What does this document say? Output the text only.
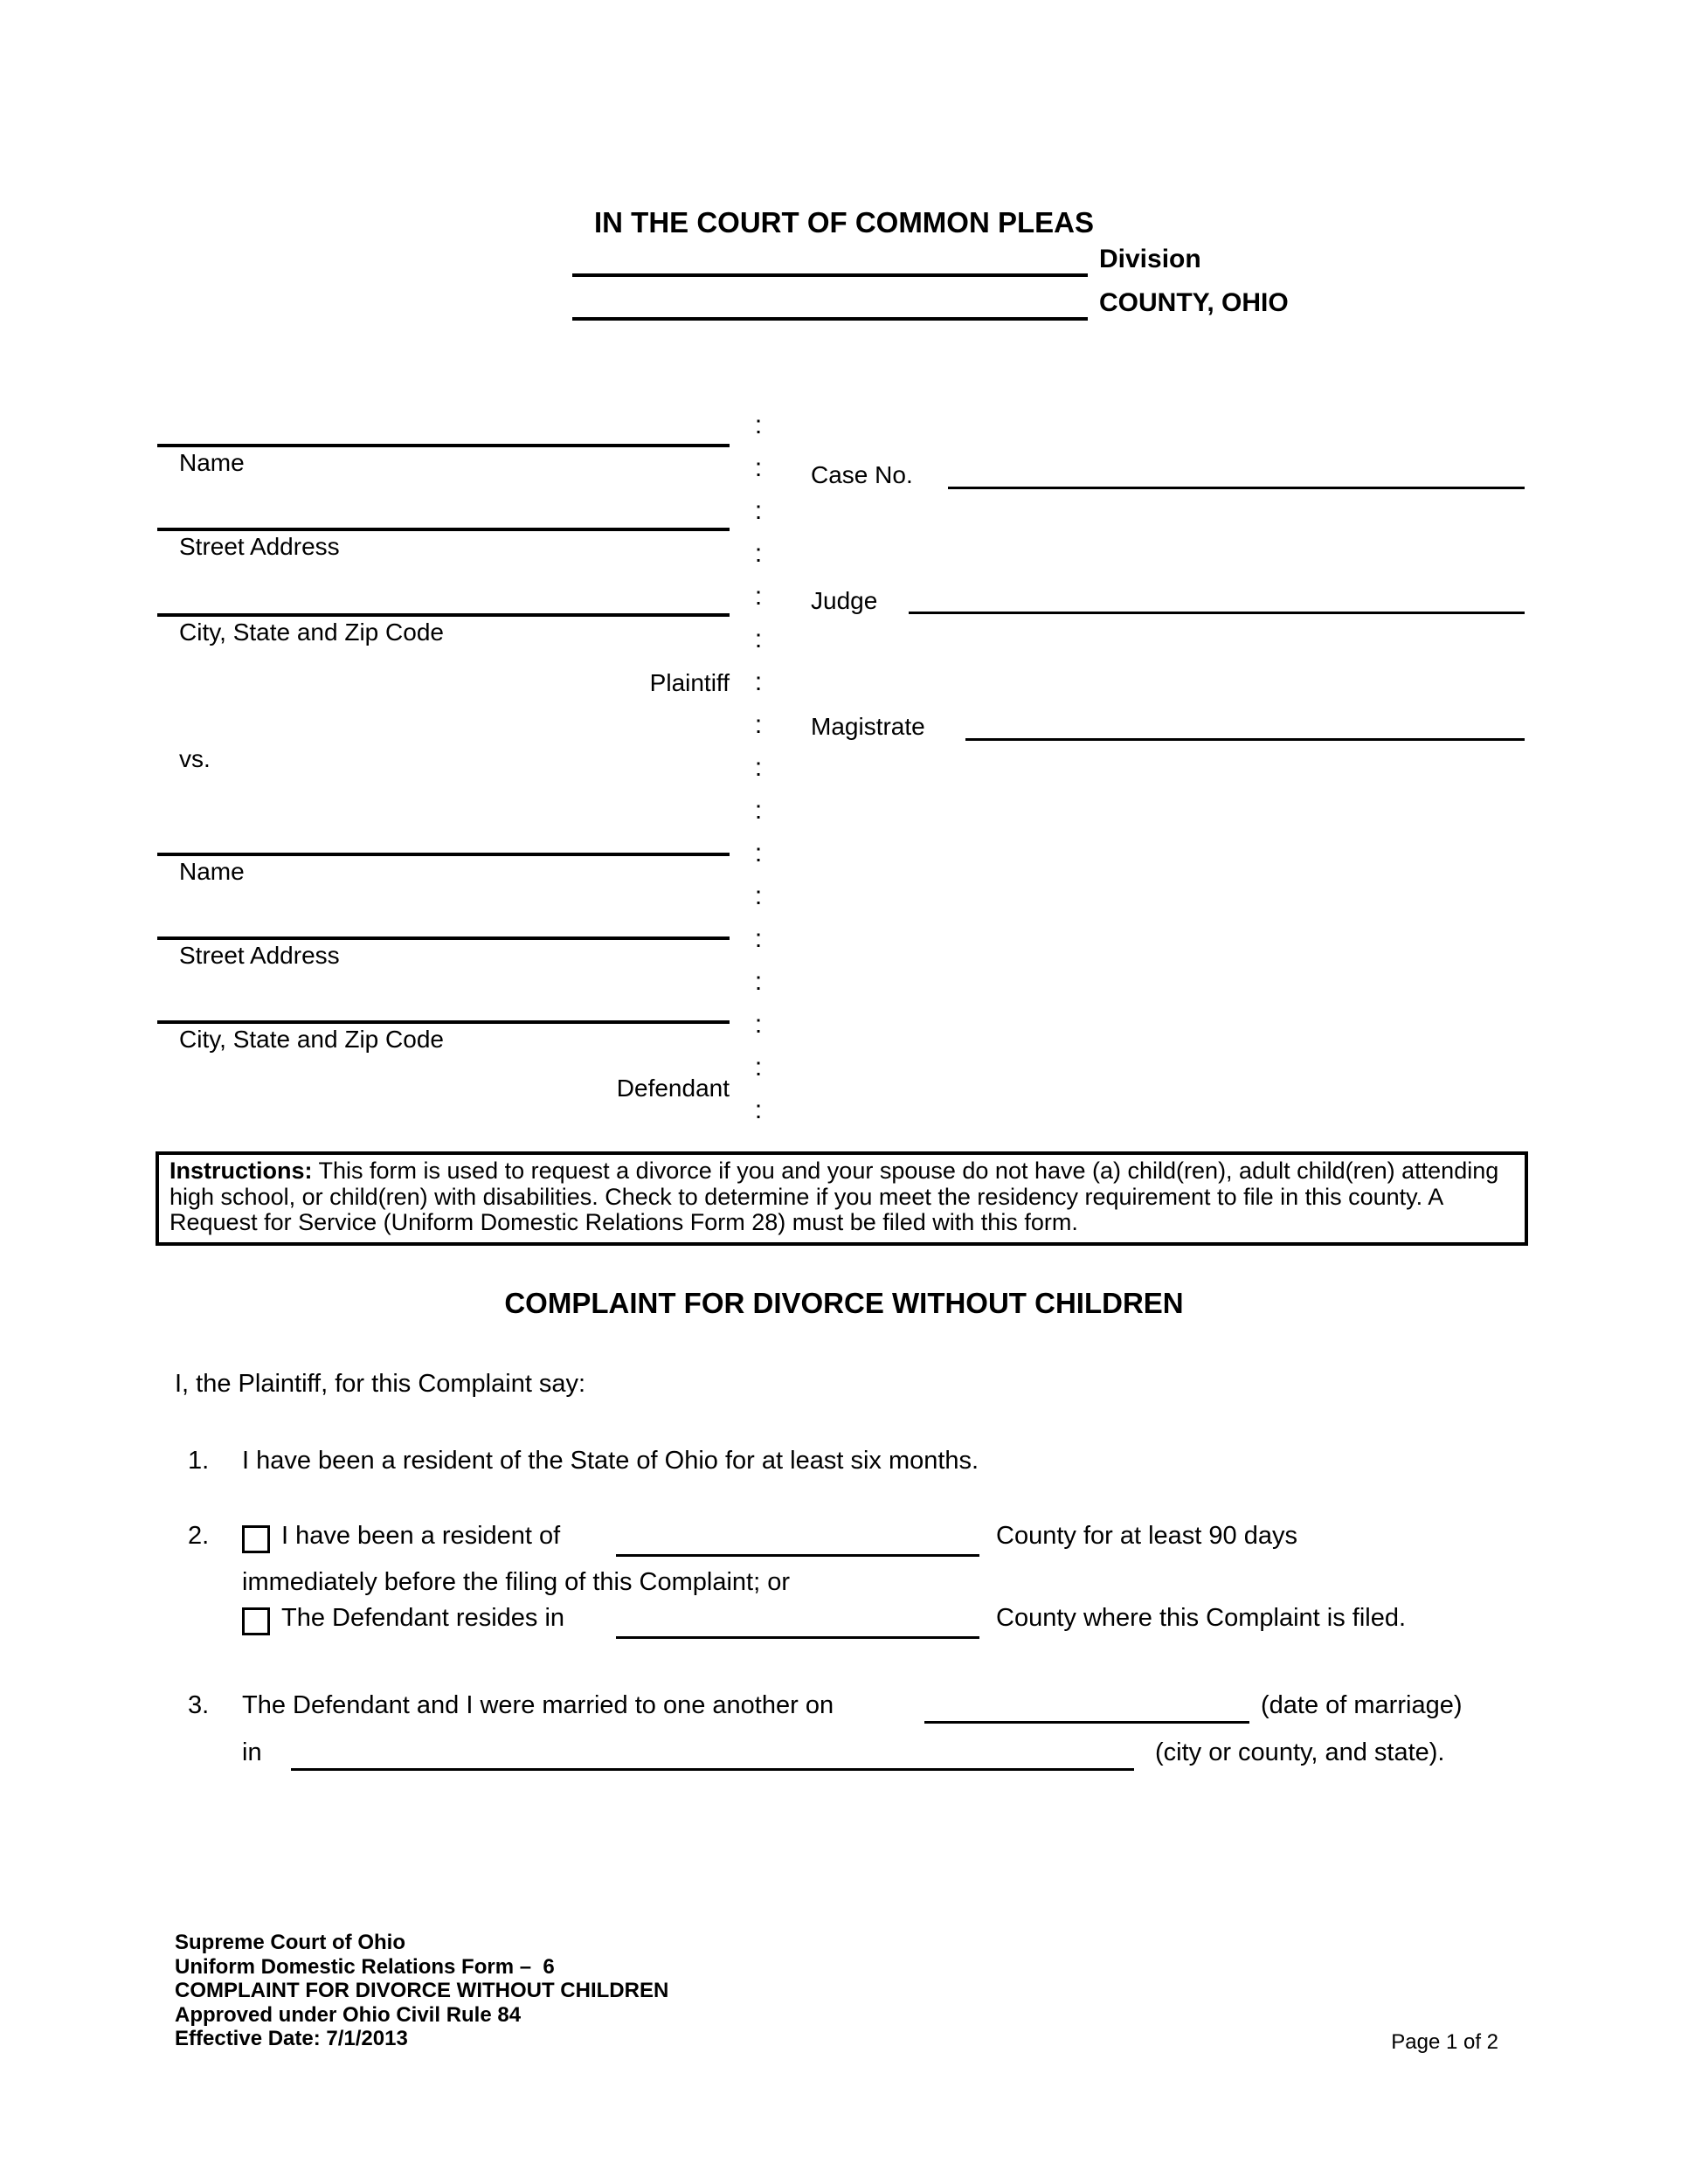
IN THE COURT OF COMMON PLEAS
Division
COUNTY, OHIO
Name
Street Address
City, State and Zip Code
Plaintiff
vs.
Name
Street Address
City, State and Zip Code
Defendant
:
:
:
:
:
:
:
:
:
:
:
:
:
:
:
:
:
Case No.
Judge
Magistrate
Instructions: This form is used to request a divorce if you and your spouse do not have (a) child(ren), adult child(ren) attending high school, or child(ren) with disabilities. Check to determine if you meet the residency requirement to file in this county. A Request for Service (Uniform Domestic Relations Form 28) must be filed with this form.
COMPLAINT FOR DIVORCE WITHOUT CHILDREN
I, the Plaintiff, for this Complaint say:
1. I have been a resident of the State of Ohio for at least six months.
2.	I have been a resident of	County for at least 90 days
immediately before the filing of this Complaint; or
The Defendant resides in	County where this Complaint is filed.
3. The Defendant and I were married to one another on	(date of marriage)
in	(city or county, and state).
Supreme Court of Ohio
Uniform Domestic Relations Form –  6
COMPLAINT FOR DIVORCE WITHOUT CHILDREN
Approved under Ohio Civil Rule 84
Effective Date: 7/1/2013	Page 1 of 2
